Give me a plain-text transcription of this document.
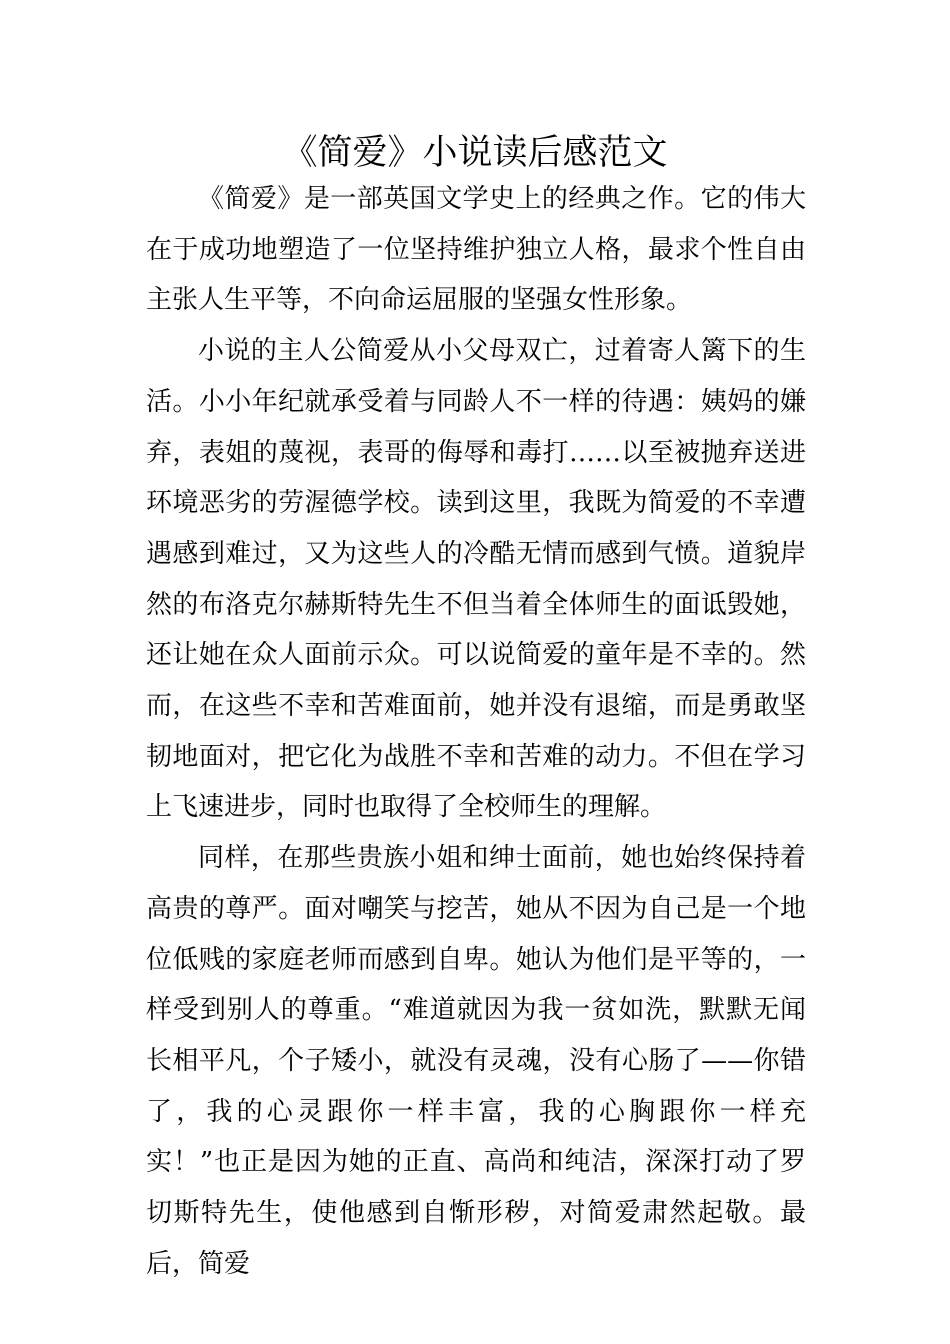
《简爱》小说读后感范文

《简爱》是一部英国文学史上的经典之作。它的伟大在于成功地塑造了一位坚持维护独立人格，最求个性自由主张人生平等，不向命运屈服的坚强女性形象。

小说的主人公简爱从小父母双亡，过着寄人篱下的生活。小小年纪就承受着与同龄人不一样的待遇：姨妈的嫌弃，表姐的蔑视，表哥的侮辱和毒打……以至被抛弃送进环境恶劣的劳渥德学校。读到这里，我既为简爱的不幸遭遇感到难过，又为这些人的冷酷无情而感到气愤。道貌岸然的布洛克尔赫斯特先生不但当着全体师生的面诋毁她，还让她在众人面前示众。可以说简爱的童年是不幸的。然而，在这些不幸和苦难面前，她并没有退缩，而是勇敢坚韧地面对，把它化为战胜不幸和苦难的动力。不但在学习上飞速进步，同时也取得了全校师生的理解。

同样，在那些贵族小姐和绅士面前，她也始终保持着高贵的尊严。面对嘲笑与挖苦，她从不因为自己是一个地位低贱的家庭老师而感到自卑。她认为他们是平等的，一样受到别人的尊重。“难道就因为我一贫如洗，默默无闻长相平凡，个子矮小，就没有灵魂，没有心肠了——你错了，我的心灵跟你一样丰富，我的心胸跟你一样充实！”也正是因为她的正直、高尚和纯洁，深深打动了罗切斯特先生，使他感到自惭形秽，对简爱肃然起敬。最后，简爱
